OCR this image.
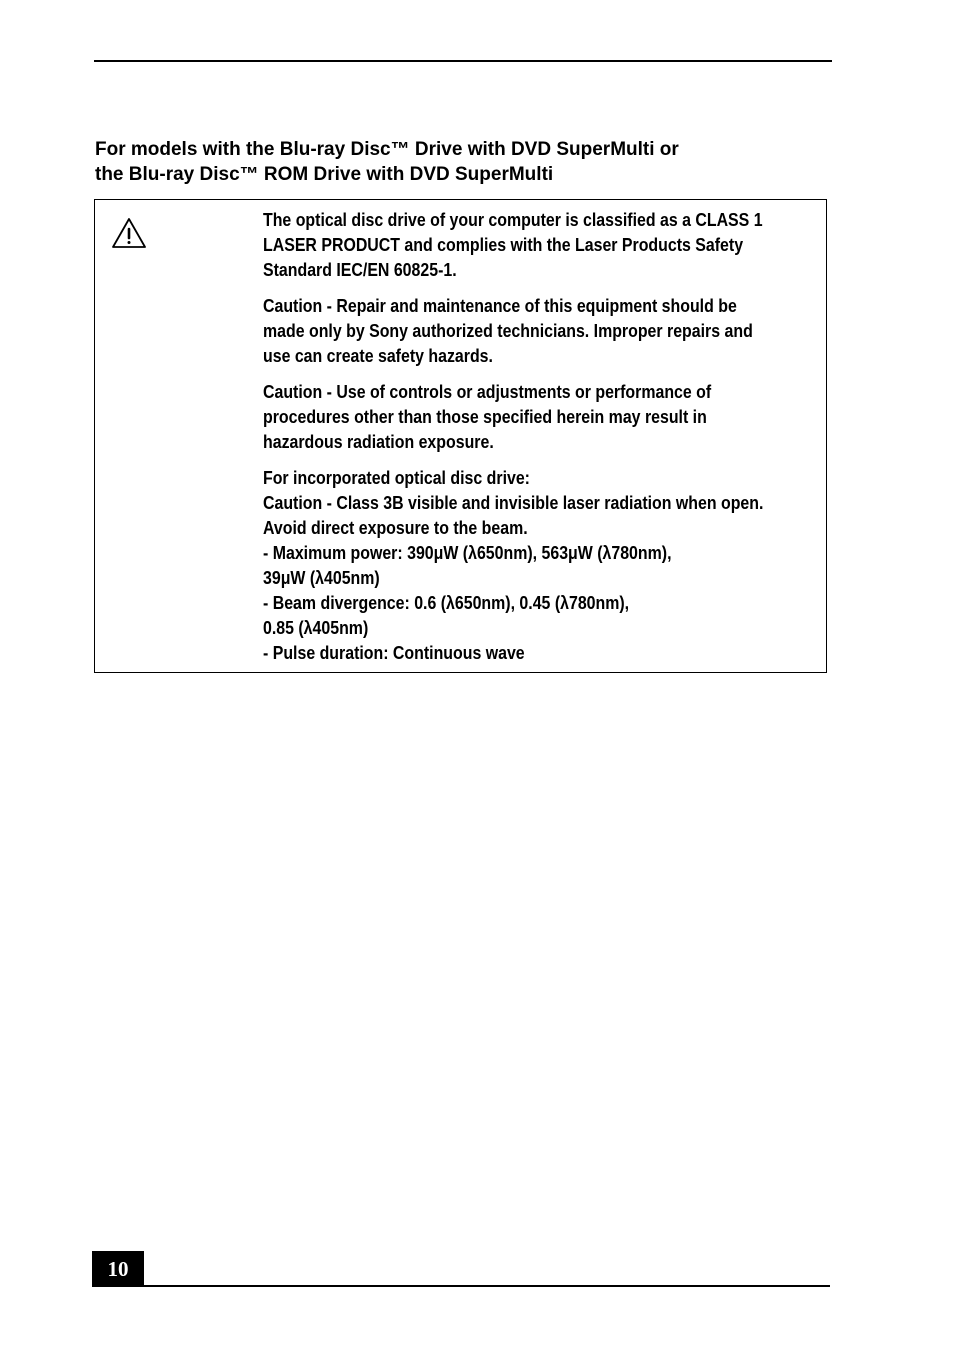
For models with the Blu-ray Disc™ Drive with DVD SuperMulti or
the Blu-ray Disc™ ROM Drive with DVD SuperMulti

The optical disc drive of your computer is classified as a CLASS 1
LASER PRODUCT and complies with the Laser Products Safety
Standard IEC/EN 60825-1.

Caution - Repair and maintenance of this equipment should be
made only by Sony authorized technicians. Improper repairs and
use can create safety hazards.

Caution - Use of controls or adjustments or performance of
procedures other than those specified herein may result in
hazardous radiation exposure.

For incorporated optical disc drive:
Caution - Class 3B visible and invisible laser radiation when open.
Avoid direct exposure to the beam.
- Maximum power: 390μW (λ650nm), 563μW (λ780nm),
39μW (λ405nm)
- Beam divergence: 0.6 (λ650nm), 0.45 (λ780nm),
0.85 (λ405nm)
- Pulse duration: Continuous wave

10
